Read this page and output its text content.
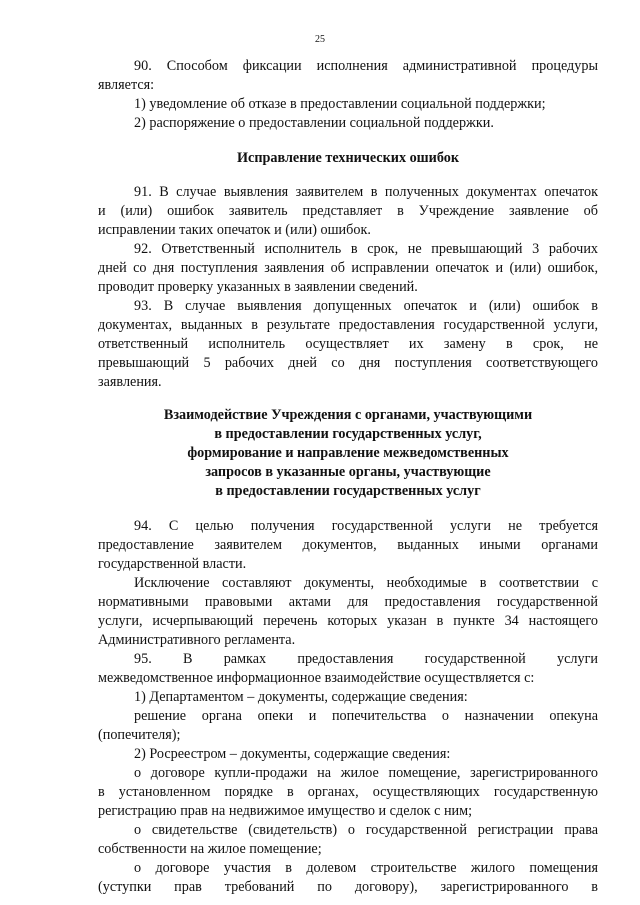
25
90. Способом фиксации исполнения административной процедуры
является:
1) уведомление об отказе в предоставлении социальной поддержки;
2) распоряжение о предоставлении социальной поддержки.
Исправление технических ошибок
91. В случае выявления заявителем в полученных документах опечаток
и (или) ошибок заявитель представляет в Учреждение заявление об
исправлении таких опечаток и (или) ошибок.
92. Ответственный исполнитель в срок, не превышающий 3 рабочих
дней со дня поступления заявления об исправлении опечаток и (или) ошибок,
проводит проверку указанных в заявлении сведений.
93. В случае выявления допущенных опечаток и (или) ошибок в
документах, выданных в результате предоставления государственной услуги,
ответственный исполнитель осуществляет их замену в срок, не
превышающий 5 рабочих дней со дня поступления соответствующего
заявления.
Взаимодействие Учреждения с органами, участвующими
в предоставлении государственных услуг,
формирование и направление межведомственных
запросов в указанные органы, участвующие
в предоставлении государственных услуг
94. С целью получения государственной услуги не требуется
предоставление заявителем документов, выданных иными органами
государственной власти.
Исключение составляют документы, необходимые в соответствии с
нормативными правовыми актами для предоставления государственной
услуги, исчерпывающий перечень которых указан в пункте 34 настоящего
Административного регламента.
95. В рамках предоставления государственной услуги
межведомственное информационное взаимодействие осуществляется с:
1) Департаментом – документы, содержащие сведения:
решение органа опеки и попечительства о назначении опекуна
(попечителя);
2) Росреестром – документы, содержащие сведения:
о договоре купли-продажи на жилое помещение, зарегистрированного
в установленном порядке в органах, осуществляющих государственную
регистрацию прав на недвижимое имущество и сделок с ним;
о свидетельстве (свидетельств) о государственной регистрации права
собственности на жилое помещение;
о договоре участия в долевом строительстве жилого помещения
(уступки прав требований по договору), зарегистрированного в
